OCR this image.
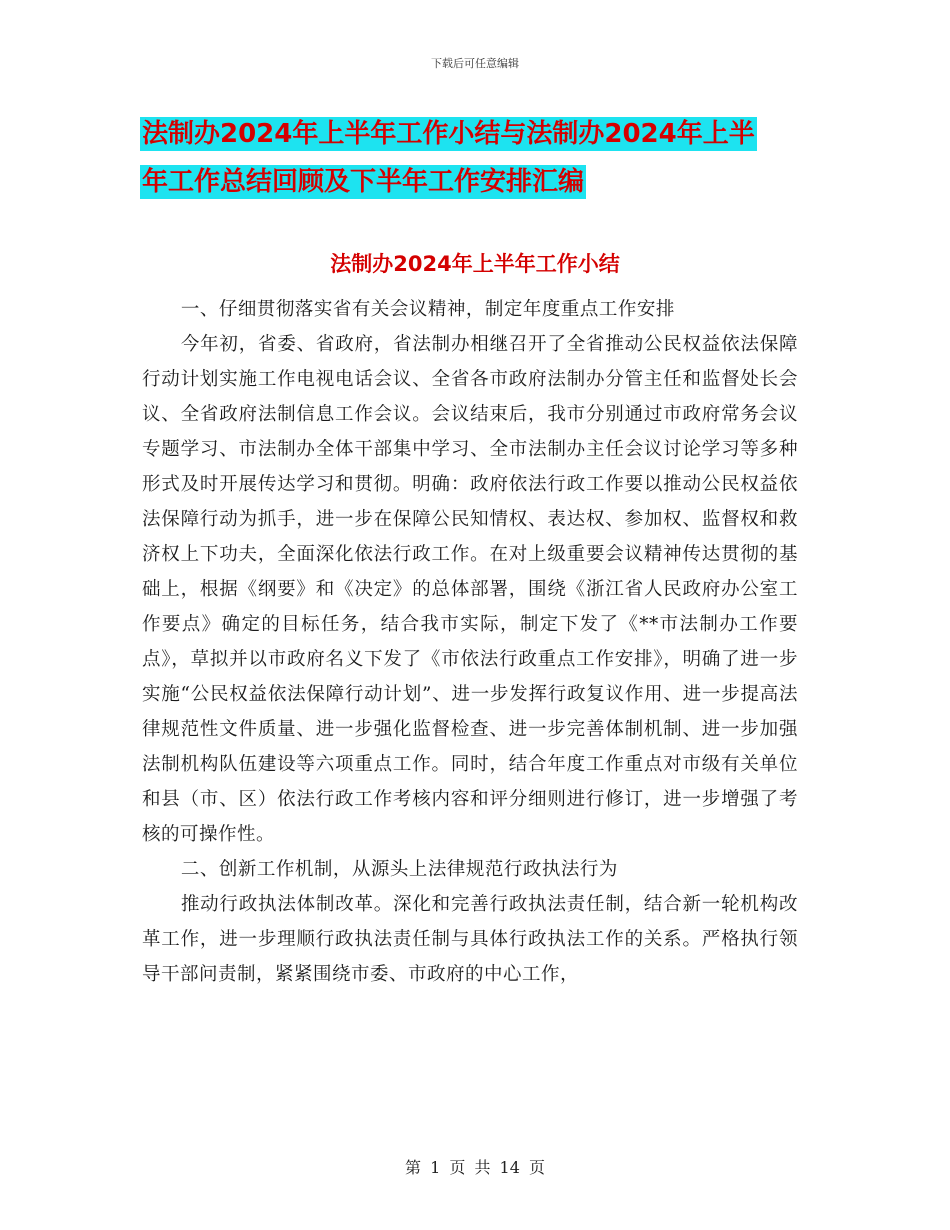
下载后可任意编辑
法制办2024年上半年工作小结与法制办2024年上半
年工作总结回顾及下半年工作安排汇编
法制办2024年上半年工作小结

一、仔细贯彻落实省有关会议精神，制定年度重点工作安排

今年初，省委、省政府，省法制办相继召开了全省推动公民权益依法保障行动计划实施工作电视电话会议、全省各市政府法制办分管主任和监督处长会议、全省政府法制信息工作会议。会议结束后，我市分别通过市政府常务会议专题学习、市法制办全体干部集中学习、全市法制办主任会议讨论学习等多种形式及时开展传达学习和贯彻。明确：政府依法行政工作要以推动公民权益依法保障行动为抓手，进一步在保障公民知情权、表达权、参加权、监督权和救济权上下功夫，全面深化依法行政工作。在对上级重要会议精神传达贯彻的基础上，根据《纲要》和《决定》的总体部署，围绕《浙江省人民政府办公室工作要点》确定的目标任务，结合我市实际，制定下发了《**市法制办工作要点》，草拟并以市政府名义下发了《市依法行政重点工作安排》，明确了进一步实施“公民权益依法保障行动计划”、进一步发挥行政复议作用、进一步提高法律规范性文件质量、进一步强化监督检查、进一步完善体制机制、进一步加强法制机构队伍建设等六项重点工作。同时，结合年度工作重点对市级有关单位和县（市、区）依法行政工作考核内容和评分细则进行修订，进一步增强了考核的可操作性。

二、创新工作机制，从源头上法律规范行政执法行为

推动行政执法体制改革。深化和完善行政执法责任制，结合新一轮机构改革工作，进一步理顺行政执法责任制与具体行政执法工作的关系。严格执行领导干部问责制，紧紧围绕市委、市政府的中心工作，

第 1 页 共 14 页
